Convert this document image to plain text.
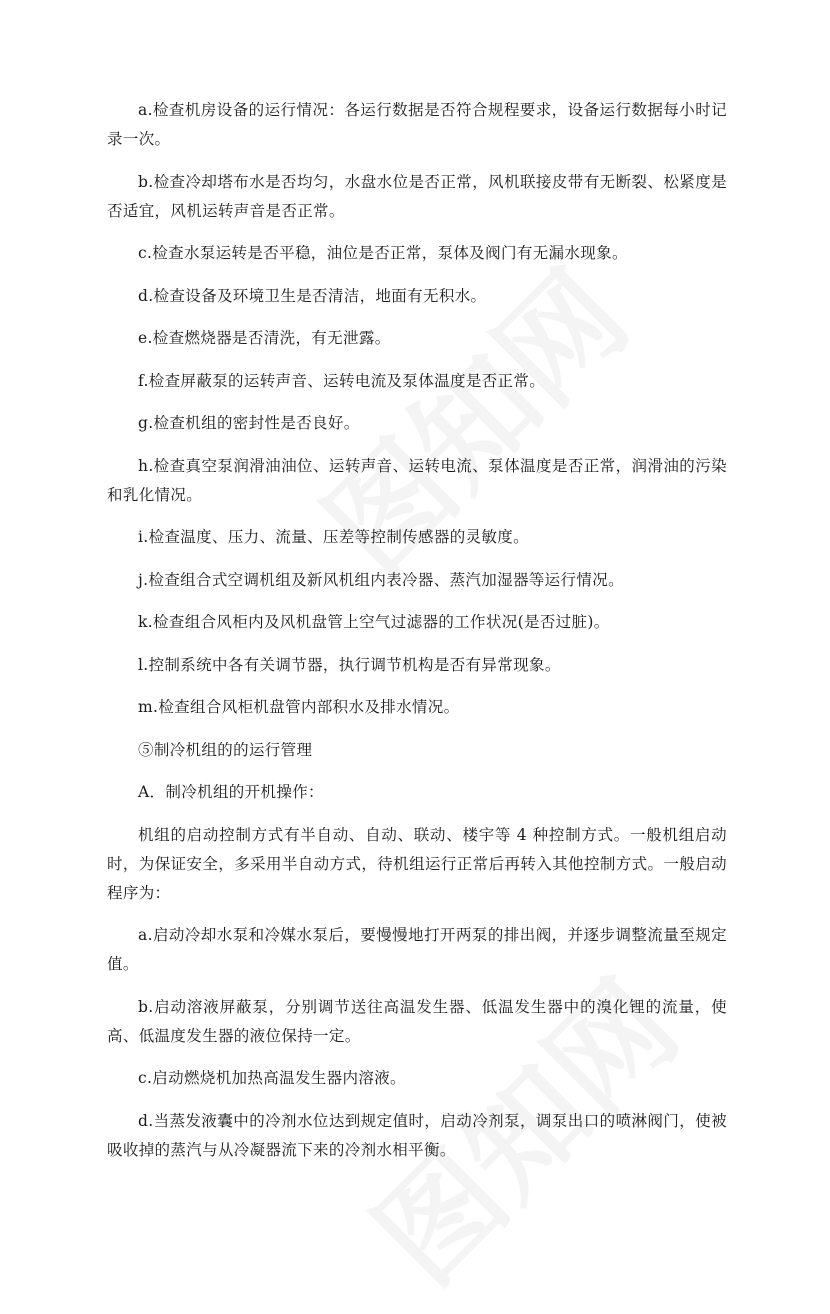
a.检查机房设备的运行情况：各运行数据是否符合规程要求，设备运行数据每小时记录一次。

b.检查冷却塔布水是否均匀，水盘水位是否正常，风机联接皮带有无断裂、松紧度是否适宜，风机运转声音是否正常。

c.检查水泵运转是否平稳，油位是否正常，泵体及阀门有无漏水现象。

d.检查设备及环境卫生是否清洁，地面有无积水。

e.检查燃烧器是否清洗，有无泄露。

f.检查屏蔽泵的运转声音、运转电流及泵体温度是否正常。

g.检查机组的密封性是否良好。

h.检查真空泵润滑油油位、运转声音、运转电流、泵体温度是否正常，润滑油的污染和乳化情况。

i.检查温度、压力、流量、压差等控制传感器的灵敏度。

j.检查组合式空调机组及新风机组内表冷器、蒸汽加湿器等运行情况。

k.检查组合风柜内及风机盘管上空气过滤器的工作状况(是否过脏)。

l.控制系统中各有关调节器，执行调节机构是否有异常现象。

m.检查组合风柜机盘管内部积水及排水情况。

⑤制冷机组的的运行管理

A．制冷机组的开机操作：

机组的启动控制方式有半自动、自动、联动、楼宇等 4 种控制方式。一般机组启动时，为保证安全，多采用半自动方式，待机组运行正常后再转入其他控制方式。一般启动程序为：

a.启动冷却水泵和冷媒水泵后，要慢慢地打开两泵的排出阀，并逐步调整流量至规定值。

b.启动溶液屏蔽泵，分别调节送往高温发生器、低温发生器中的溴化锂的流量，使高、低温度发生器的液位保持一定。

c.启动燃烧机加热高温发生器内溶液。

d.当蒸发液囊中的冷剂水位达到规定值时，启动冷剂泵，调泵出口的喷淋阀门，使被吸收掉的蒸汽与从冷凝器流下来的冷剂水相平衡。
